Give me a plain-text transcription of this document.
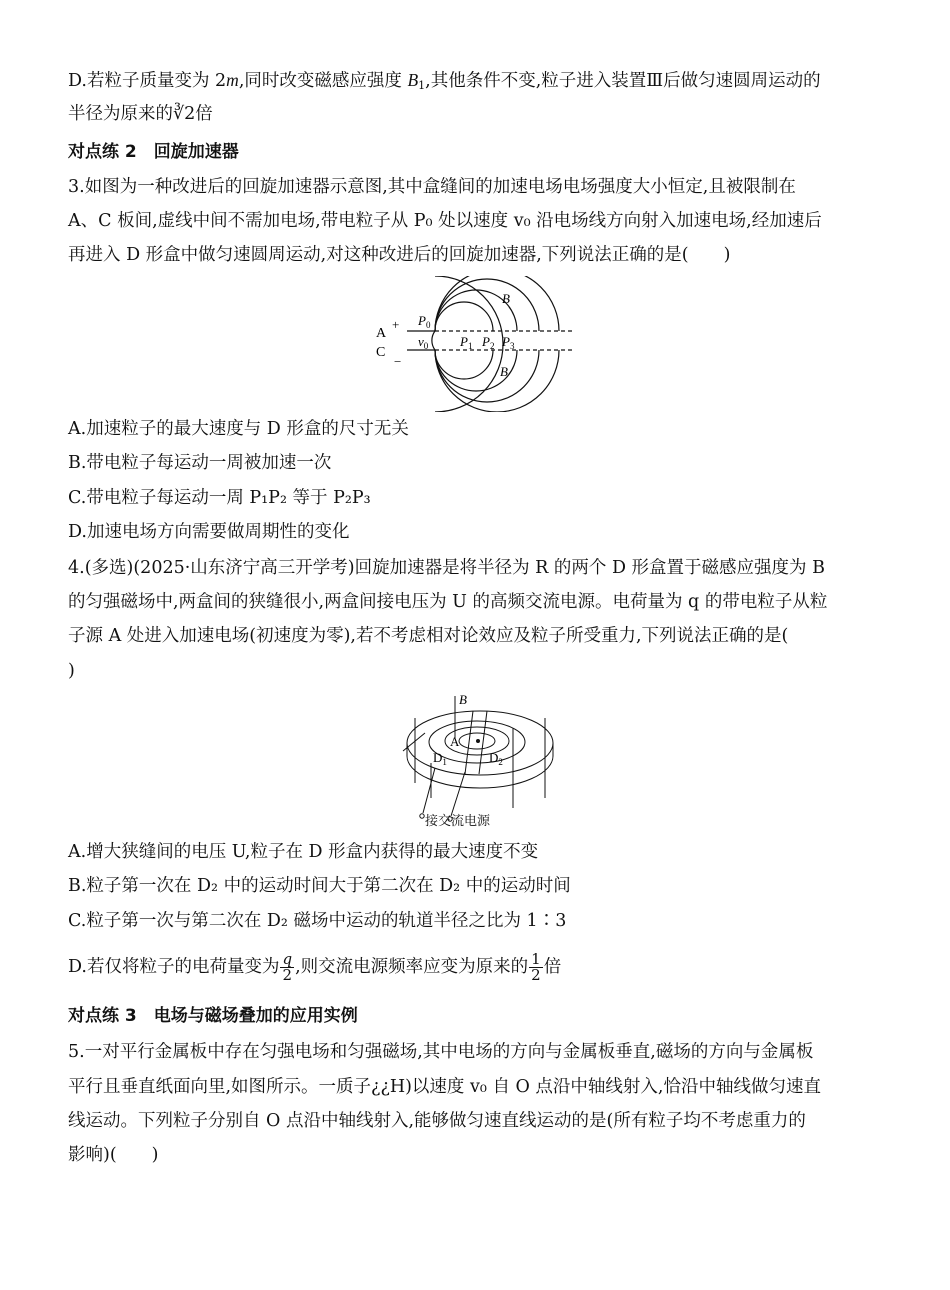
D.若粒子质量变为 2m,同时改变磁感应强度 $B_1$,其他条件不变,粒子进入装置Ⅲ后做匀速圆周运动的
半径为原来的∛2倍
对点练 2　回旋加速器
3.如图为一种改进后的回旋加速器示意图,其中盒缝间的加速电场电场强度大小恒定,且被限制在
A、C 板间,虚线中间不需加电场,带电粒子从 P₀ 处以速度 v₀ 沿电场线方向射入加速电场,经加速后
再进入 D 形盒中做匀速圆周运动,对这种改进后的回旋加速器,下列说法正确的是(　　)
A
C
+
−
$P_0$
$v_0$ $P_1$ $P_2$ $P_3$
B
B
A.加速粒子的最大速度与 D 形盒的尺寸无关
B.带电粒子每运动一周被加速一次
C.带电粒子每运动一周 P₁P₂ 等于 P₂P₃
D.加速电场方向需要做周期性的变化
4.(多选)(2025·山东济宁高三开学考)回旋加速器是将半径为 R 的两个 D 形盒置于磁感应强度为 B
的匀强磁场中,两盒间的狭缝很小,两盒间接电压为 U 的高频交流电源。电荷量为 q 的带电粒子从粒
子源 A 处进入加速电场(初速度为零),若不考虑相对论效应及粒子所受重力,下列说法正确的是(
)
B
A
$D_1$	$D_2$
接交流电源
A.增大狭缝间的电压 U,粒子在 D 形盒内获得的最大速度不变
B.粒子第一次在 D₂ 中的运动时间大于第二次在 D₂ 中的运动时间
C.粒子第一次与第二次在 D₂ 磁场中运动的轨道半径之比为 1∶3
D.若仅将粒子的电荷量变为 $\frac{q}{2}$ ,则交流电源频率应变为原来的 $\frac{1}{2}$ 倍
对点练 3　电场与磁场叠加的应用实例
5.一对平行金属板中存在匀强电场和匀强磁场,其中电场的方向与金属板垂直,磁场的方向与金属板
平行且垂直纸面向里,如图所示。一质子¿¿H)以速度 v₀ 自 O 点沿中轴线射入,恰沿中轴线做匀速直
线运动。下列粒子分别自 O 点沿中轴线射入,能够做匀速直线运动的是(所有粒子均不考虑重力的
影响)(　　)
